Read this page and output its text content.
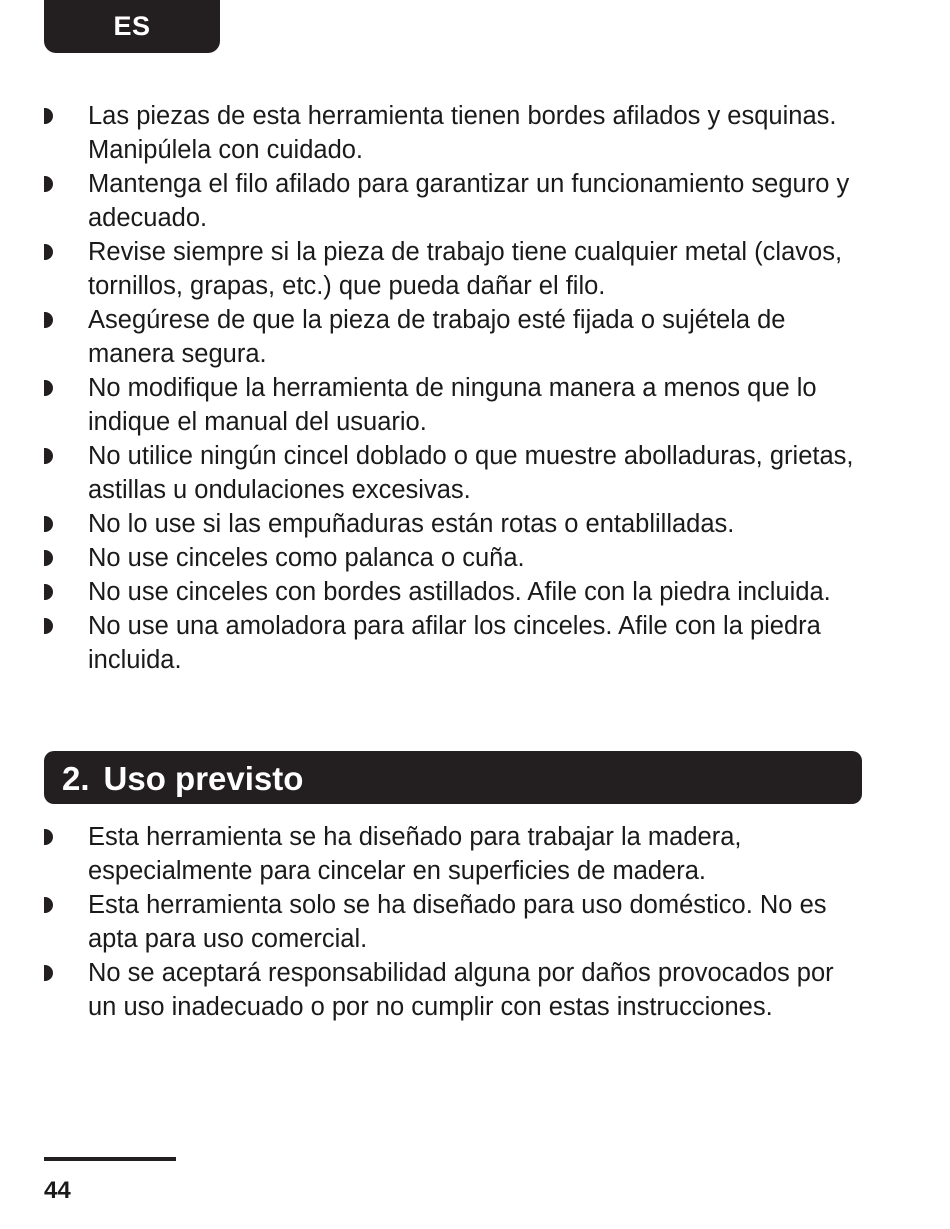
ES
Las piezas de esta herramienta tienen bordes afilados y esquinas. Manipúlela con cuidado.
Mantenga el filo afilado para garantizar un funcionamiento seguro y adecuado.
Revise siempre si la pieza de trabajo tiene cualquier metal (clavos, tornillos, grapas, etc.) que pueda dañar el filo.
Asegúrese de que la pieza de trabajo esté fijada o sujétela de manera segura.
No modifique la herramienta de ninguna manera a menos que lo indique el manual del usuario.
No utilice ningún cincel doblado o que muestre abolladuras, grietas, astillas u ondulaciones excesivas.
No lo use si las empuñaduras están rotas o entablilladas.
No use cinceles como palanca o cuña.
No use cinceles con bordes astillados. Afile con la piedra incluida.
No use una amoladora para afilar los cinceles. Afile con la piedra incluida.
2. Uso previsto
Esta herramienta se ha diseñado para trabajar la madera, especialmente para cincelar en superficies de madera.
Esta herramienta solo se ha diseñado para uso doméstico. No es apta para uso comercial.
No se aceptará responsabilidad alguna por daños provocados por un uso inadecuado o por no cumplir con estas instrucciones.
44
